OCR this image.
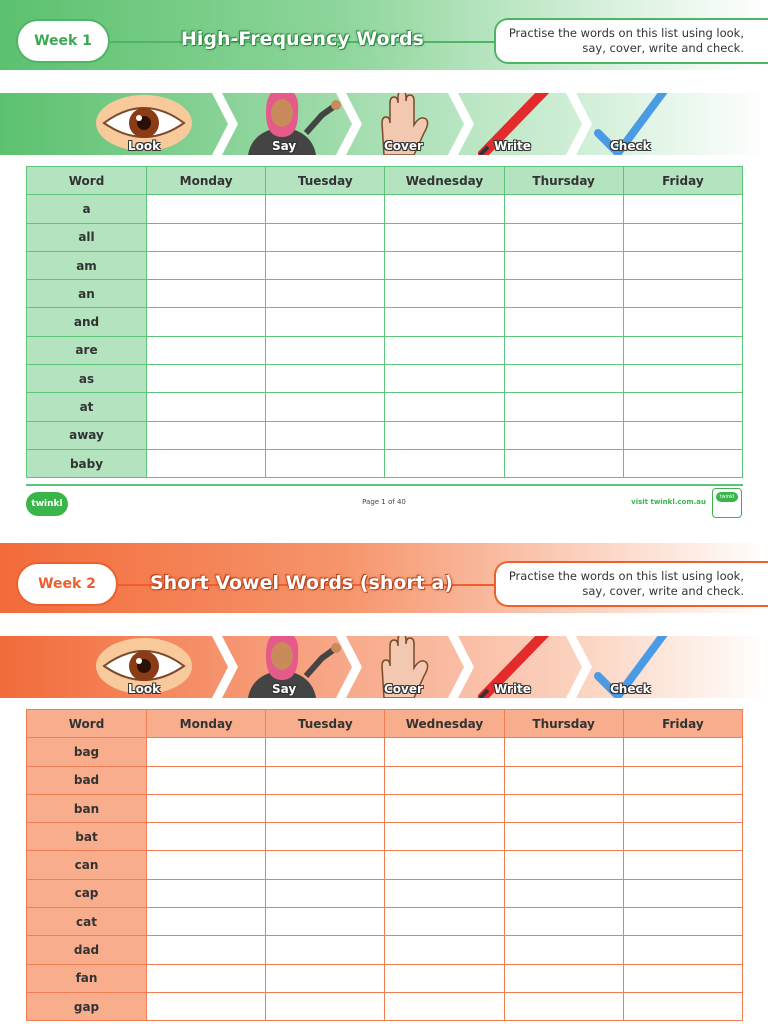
Week 1	High-Frequency Words	Practise the words on this list using look, say, cover, write and check.
Look	Say	Cover	Write	Check
Word	Monday	Tuesday	Wednesday	Thursday	Friday
a					
all					
am					
an					
and					
are					
as					
at					
away					
baby					
twinkl	Page 1 of 40	visit twinkl.com.au
twinkl
Week 2	Short Vowel Words (short a)	Practise the words on this list using look, say, cover, write and check.
Look	Say	Cover	Write	Check
Word	Monday	Tuesday	Wednesday	Thursday	Friday
bag					
bad					
ban					
bat					
can					
cap					
cat					
dad					
fan					
gap					
